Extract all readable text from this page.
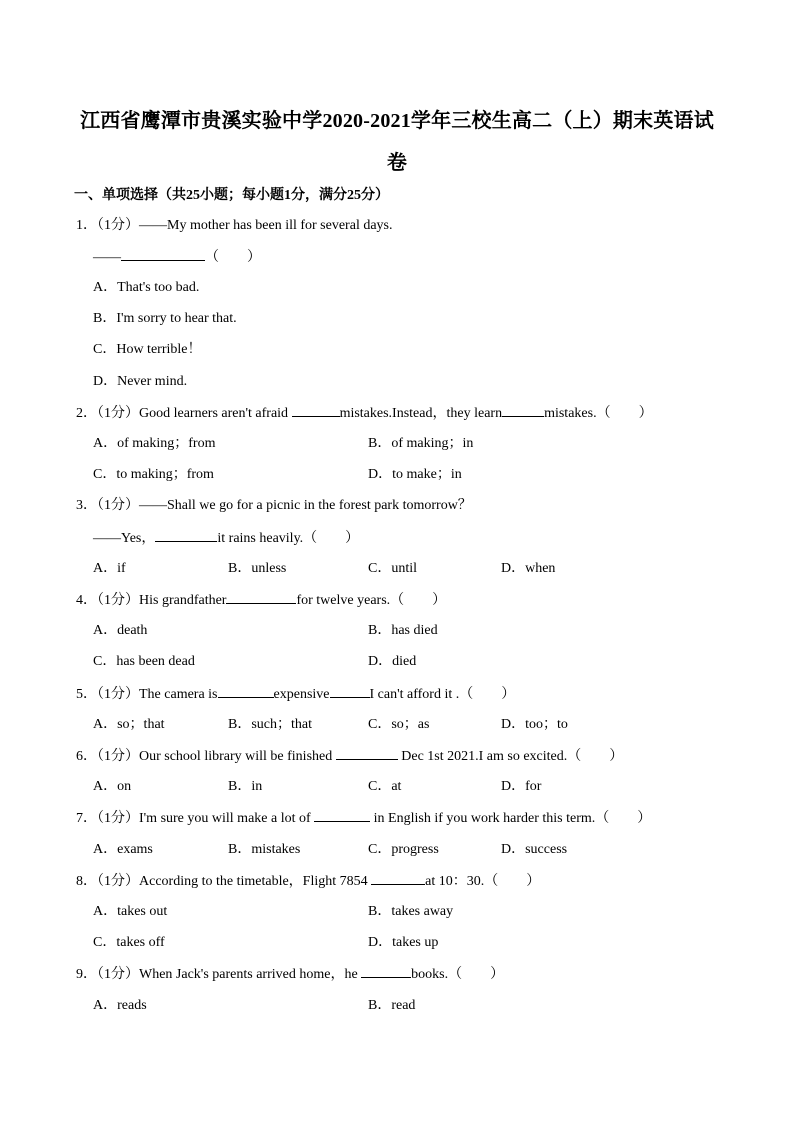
江西省鹰潭市贵溪实验中学2020-2021学年三校生高二（上）期末英语试
卷
一、单项选择（共25小题；每小题1分，满分25分）
1．（1分）——My mother has been ill for several days.
——	（　　）
A．That's too bad.
B．I'm sorry to hear that.
C．How terrible！
D．Never mind.
2．（1分）Good learners aren't afraid	mistakes.Instead，they learn	mistakes.（　　）
A．of making；from	B．of making；in
C．to making；from	D．to make；in
3．（1分）——Shall we go for a picnic in the forest park tomorrow？
——Yes，	it rains heavily.（　　）
A．if	B．unless	C．until	D．when
4．（1分）His grandfather	for twelve years.（　　）
A．death	B．has died
C．has been dead	D．died
5．（1分）The camera is	expensive	I can't afford it .（　　）
A．so；that	B．such；that	C．so；as	D．too；to
6．（1分）Our school library will be finished	Dec 1st 2021.I am so excited.（　　）
A．on	B．in	C．at	D．for
7．（1分）I'm sure you will make a lot of	in English if you work harder this term.（　　）
A．exams	B．mistakes	C．progress	D．success
8．（1分）According to the timetable，Flight 7854	at 10：30.（　　）
A．takes out	B．takes away
C．takes off	D．takes up
9．（1分）When Jack's parents arrived home，he	books.（　　）
A．reads	B．read
